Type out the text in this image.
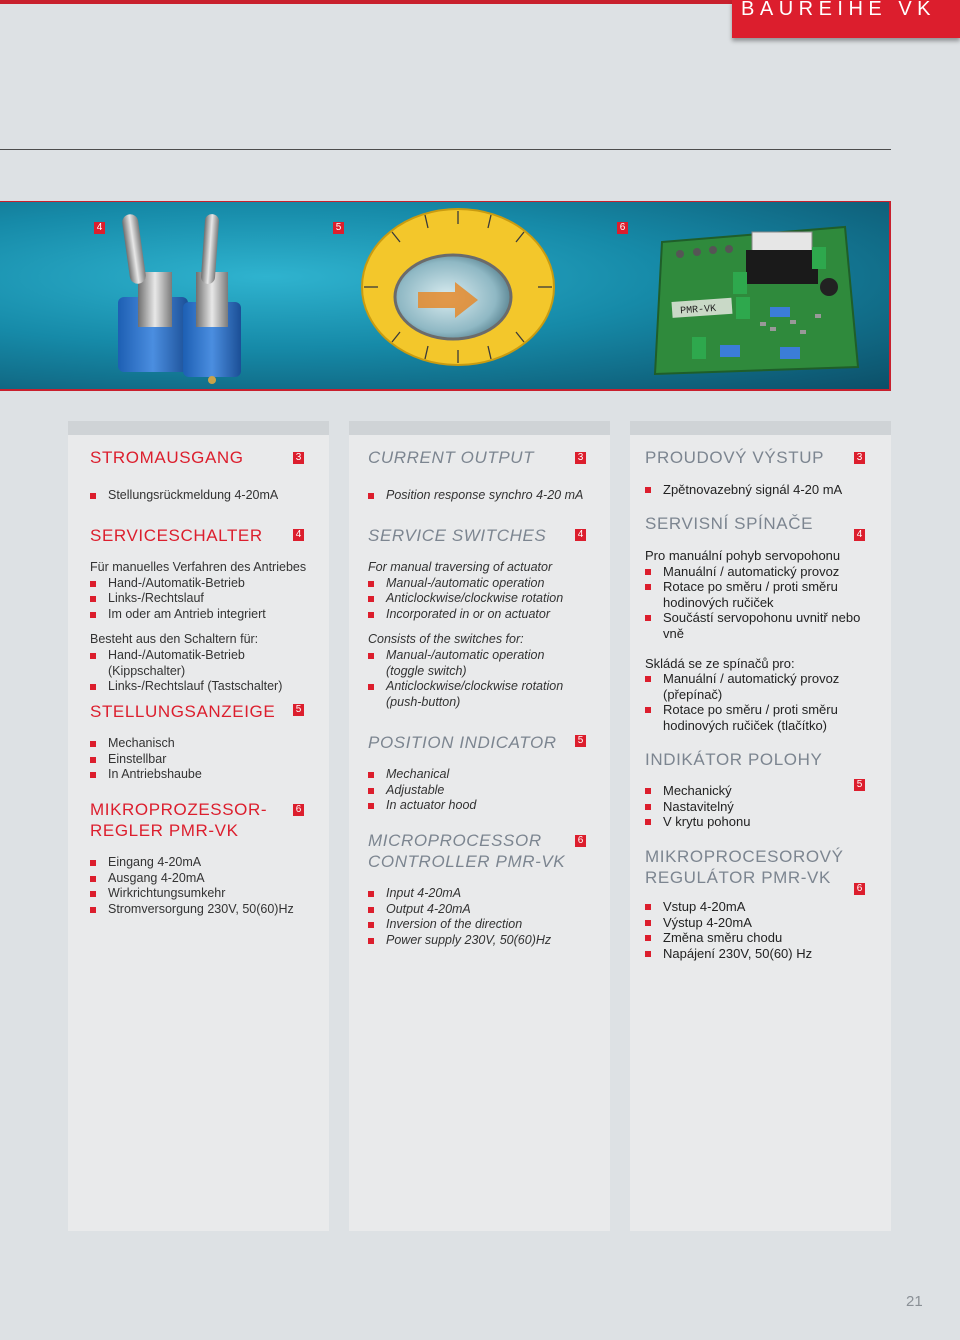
BAUREIHE VK
PMR-VK
4	5	6
STROMAUSGANG	3
Stellungsrückmeldung 4-20mA
SERVICESCHALTER	4
Für manuelles Verfahren des Antriebes
Hand-/Automatik-Betrieb
Links-/Rechtslauf
Im oder am Antrieb integriert
Besteht aus den Schaltern für:
Hand-/Automatik-Betrieb (Kippschalter)
Links-/Rechtslauf (Tastschalter)
STELLUNGSANZEIGE 5
Mechanisch
Einstellbar
In Antriebshaube
MIKROPROZESSOR-
REGLER PMR-VK
6
Eingang 4-20mA
Ausgang 4-20mA
Wirkrichtungsumkehr
Stromversorgung 230V, 50(60)Hz
CURRENT OUTPUT	3
Position response synchro 4-20 mA
SERVICE SWITCHES	4
For manual traversing of actuator
Manual-/automatic operation
Anticlockwise/clockwise rotation
Incorporated in or on actuator
Consists of the switches for:
Manual-/automatic operation
(toggle switch)
Anticlockwise/clockwise rotation
(push-button)
POSITION INDICATOR 5
Mechanical
Adjustable
In actuator hood
MICROPROCESSOR
CONTROLLER PMR-VK
6
Input 4-20mA
Output 4-20mA
Inversion of the direction
Power supply 230V, 50(60)Hz
PROUDOVÝ VÝSTUP	3
Zpětnovazebný signál 4-20 mA
SERVISNÍ SPÍNAČE
4
Pro manuální pohyb servopohonu
Manuální / automatický provoz
Rotace po směru / proti směru
hodinových ručiček
Součástí servopohonu uvnitř nebo
vně
Skládá se ze spínačů pro:
Manuální / automatický provoz
(přepínač)
Rotace po směru / proti směru
hodinových ručiček (tlačítko)
INDIKÁTOR POLOHY
5
Mechanický
Nastavitelný
V krytu pohonu
MIKROPROCESOROVÝ
REGULÁTOR PMR-VK
6
Vstup 4-20mA
Výstup 4-20mA
Změna směru chodu
Napájení 230V, 50(60) Hz
21
